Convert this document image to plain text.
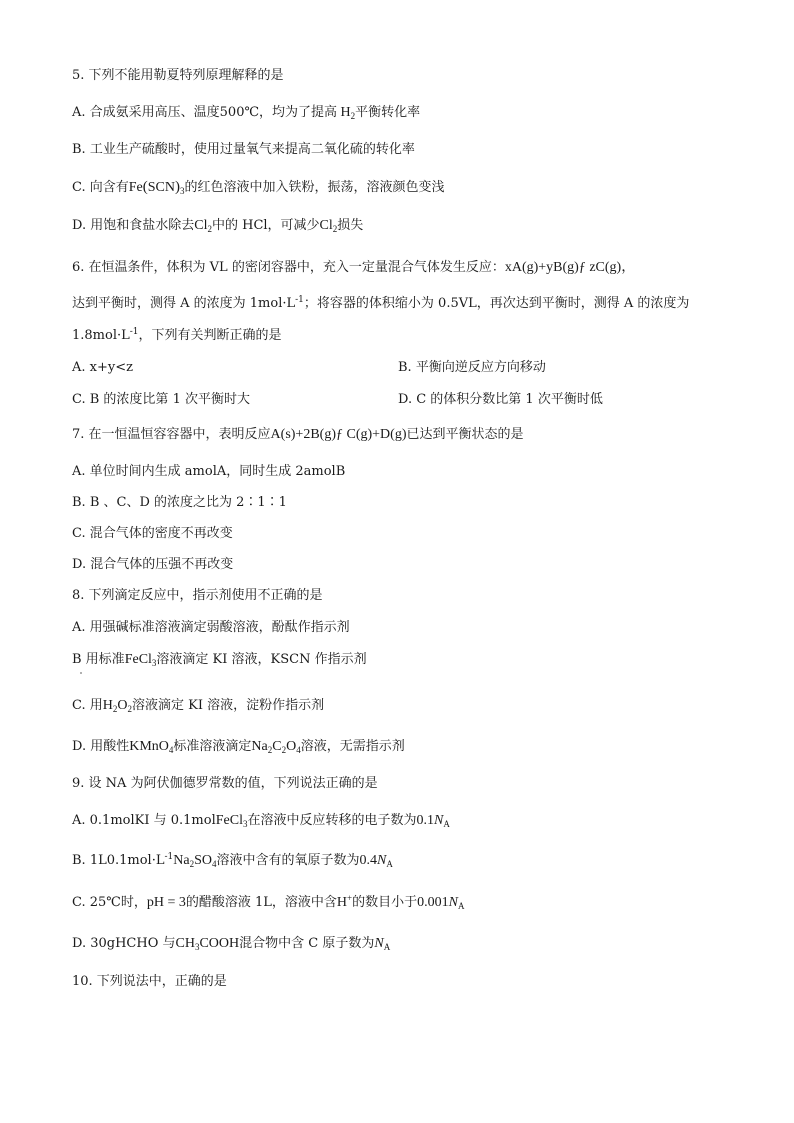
5. 下列不能用勒夏特列原理解释的是
A. 合成氨采用高压、温度500℃，均为了提高 $H_2$平衡转化率
B. 工业生产硫酸时，使用过量氧气来提高二氧化硫的转化率
C. 向含有$Fe(SCN)_3$的红色溶液中加入铁粉，振荡，溶液颜色变浅
D. 用饱和食盐水除去$Cl_2$中的 HCl，可减少$Cl_2$损失
6. 在恒温条件，体积为 VL 的密闭容器中，充入一定量混合气体发生反应：xA(g)+yB(g)ƒ zC(g)，
达到平衡时，测得 A 的浓度为 $1mol\cdot L^{-1}$；将容器的体积缩小为 0.5VL，再次达到平衡时，测得 A 的浓度为
$1.8mol\cdot L^{-1}$，下列有关判断正确的是
A. x+y<z	B. 平衡向逆反应方向移动
C. B 的浓度比第 1 次平衡时大	D. C 的体积分数比第 1 次平衡时低
7. 在一恒温恒容容器中，表明反应A(s)+2B(g)ƒ C(g)+D(g)已达到平衡状态的是
A. 单位时间内生成 amolA，同时生成 2amolB
B. B 、C、D 的浓度之比为 2∶1∶1
C. 混合气体的密度不再改变
D. 混合气体的压强不再改变
8. 下列滴定反应中，指示剂使用不正确的是
A. 用强碱标准溶液滴定弱酸溶液，酚酞作指示剂
B 用标准FeCl$_3$溶液滴定 KI 溶液，KSCN 作指示剂
C. 用$H_2O_2$溶液滴定 KI 溶液，淀粉作指示剂
D. 用酸性KMnO$_4$标准溶液滴定$Na_2C_2O_4$溶液，无需指示剂
9. 设 NA 为阿伏伽德罗常数的值，下列说法正确的是
A. 0.1molKI 与 0.1molFeCl$_3$在溶液中反应转移的电子数为$0.1N_A$
B. $1L0.1mol\cdot L^{-1}Na_2SO_4$溶液中含有的氧原子数为$0.4N_A$
C. 25℃时，pH = 3的醋酸溶液 1L，溶液中含H+的数目小于$0.001N_A$
D. 30gHCHO 与$CH_3COOH$混合物中含 C 原子数为$N_A$
10. 下列说法中，正确的是
